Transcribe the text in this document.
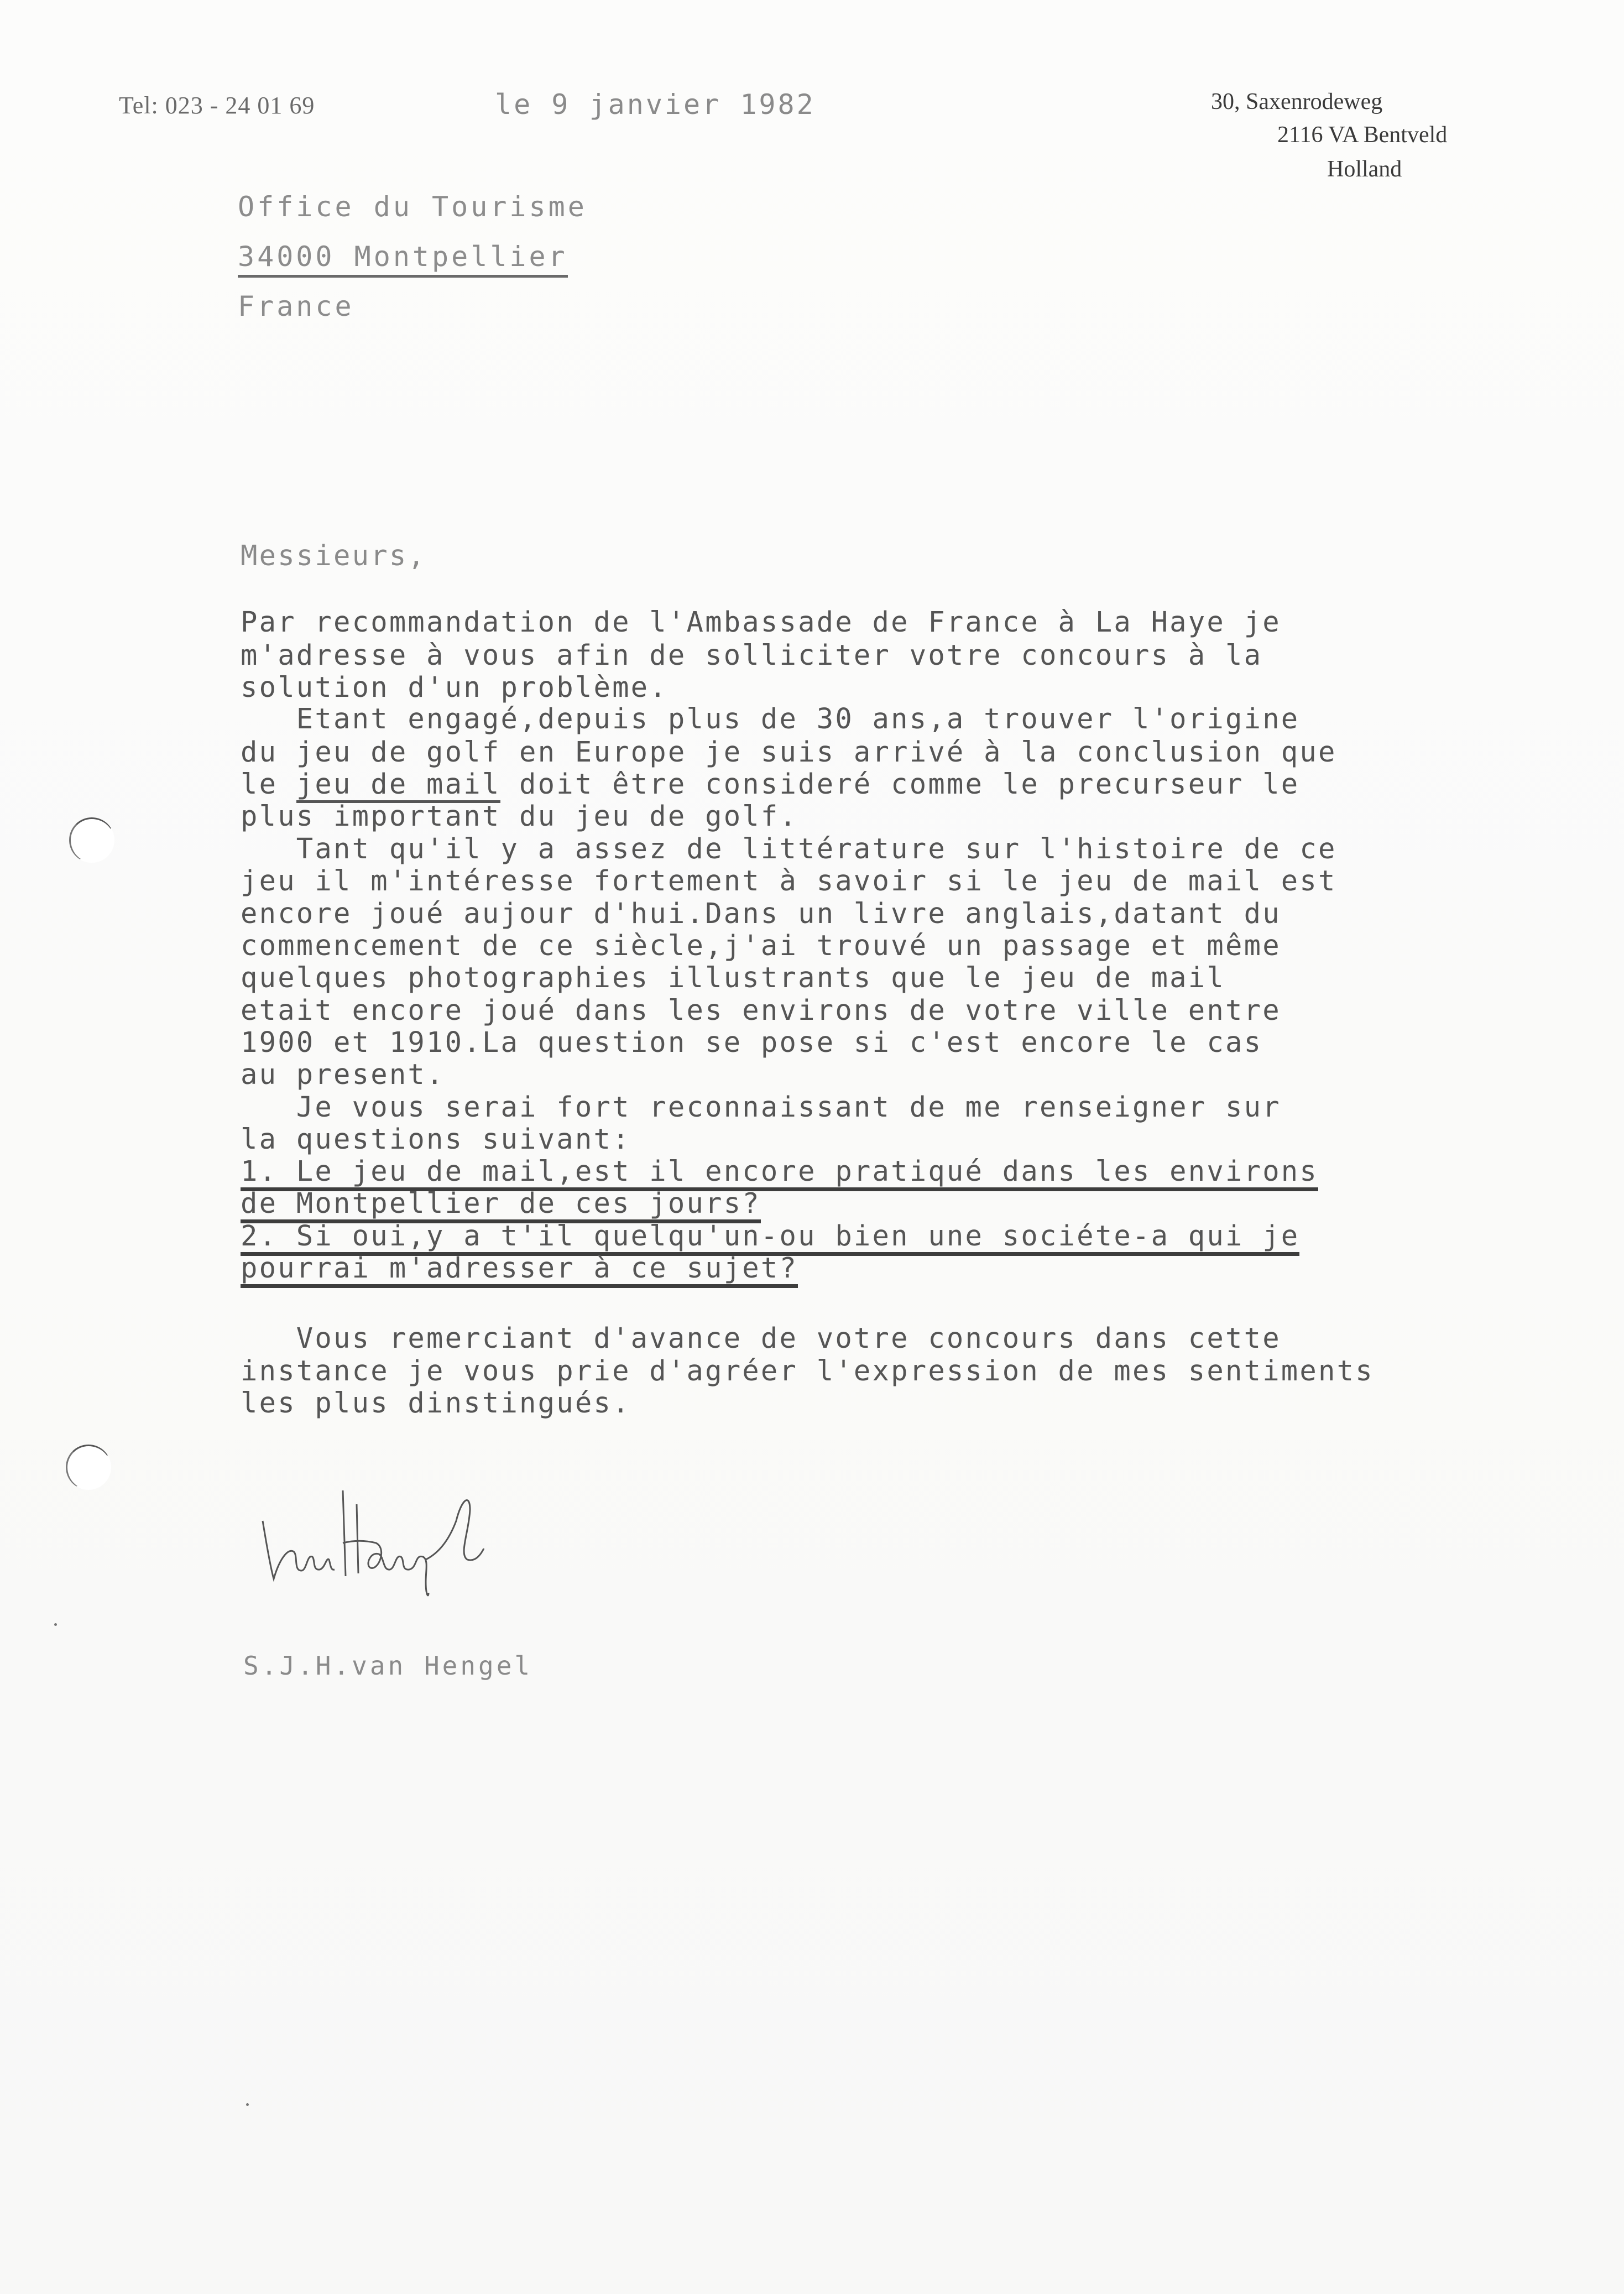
Tel: 023 - 24 01 69	le 9 janvier 1982	30, Saxenrodeweg
2116 VA Bentveld
Holland
Office du Tourisme
34000 Montpellier
France
Messieurs,
Par recommandation de l'Ambassade de France à La Haye je
m'adresse à vous afin de solliciter votre concours à la
solution d'un problème.
Etant engagé,depuis plus de 30 ans,a trouver l'origine
du jeu de golf en Europe je suis arrivé à la conclusion que
le jeu de mail doit être consideré comme le precurseur le
plus important du jeu de golf.
Tant qu'il y a assez de littérature sur l'histoire de ce
jeu il m'intéresse fortement à savoir si le jeu de mail est
encore joué aujour d'hui.Dans un livre anglais,datant du
commencement de ce siècle,j'ai trouvé un passage et même
quelques photographies illustrants que le jeu de mail
etait encore joué dans les environs de votre ville entre
1900 et 1910.La question se pose si c'est encore le cas
au present.
Je vous serai fort reconnaissant de me renseigner sur
la questions suivant:
1. Le jeu de mail,est il encore pratiqué dans les environs
de Montpellier de ces jours?
2. Si oui,y a t'il quelqu'un-ou bien une sociéte-a qui je
pourrai m'adresser à ce sujet?
Vous remerciant d'avance de votre concours dans cette
instance je vous prie d'agréer l'expression de mes sentiments
les plus dinstingués.
S.J.H.van Hengel
